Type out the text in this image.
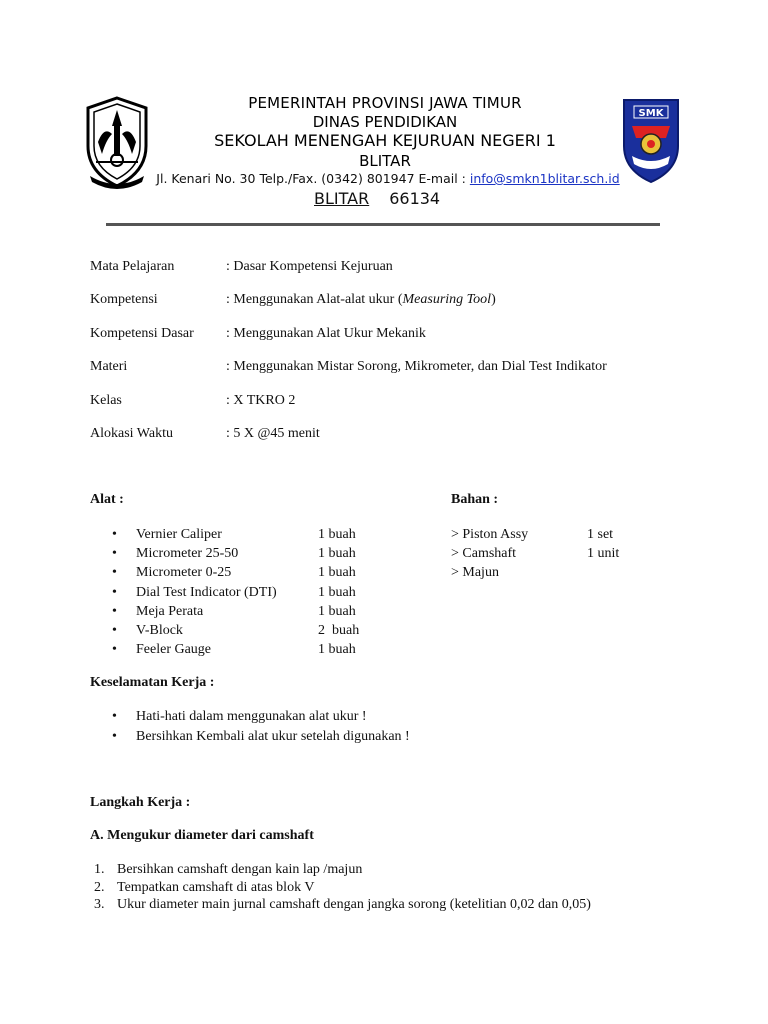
SMK
PEMERINTAH PROVINSI JAWA TIMUR
DINAS PENDIDIKAN
SEKOLAH MENENGAH KEJURUAN NEGERI 1
BLITAR
Jl. Kenari No. 30 Telp./Fax. (0342) 801947 E-mail : info@smkn1blitar.sch.id
BLITAR 66134
Mata Pelajaran	: Dasar Kompetensi Kejuruan
Kompetensi	: Menggunakan Alat-alat ukur (Measuring Tool)
Kompetensi Dasar : Menggunakan Alat Ukur Mekanik
Materi	: Menggunakan Mistar Sorong, Mikrometer, dan Dial Test Indikator
Kelas	: X TKRO 2
Alokasi Waktu	: 5 X @45 menit
Alat :	Bahan :
• Vernier Caliper	1 buah
• Micrometer 25-50	1 buah
• Micrometer 0-25	1 buah
• Dial Test Indicator (DTI)	1 buah
• Meja Perata	1 buah
• V-Block	2  buah
• Feeler Gauge	1 buah
> Piston Assy	1 set
> Camshaft	1 unit
> Majun
Keselamatan Kerja :
• Hati-hati dalam menggunakan alat ukur !
• Bersihkan Kembali alat ukur setelah digunakan !
Langkah Kerja :
A. Mengukur diameter dari camshaft
1. Bersihkan camshaft dengan kain lap /majun
2. Tempatkan camshaft di atas blok V
3. Ukur diameter main jurnal camshaft dengan jangka sorong (ketelitian 0,02 dan 0,05)
